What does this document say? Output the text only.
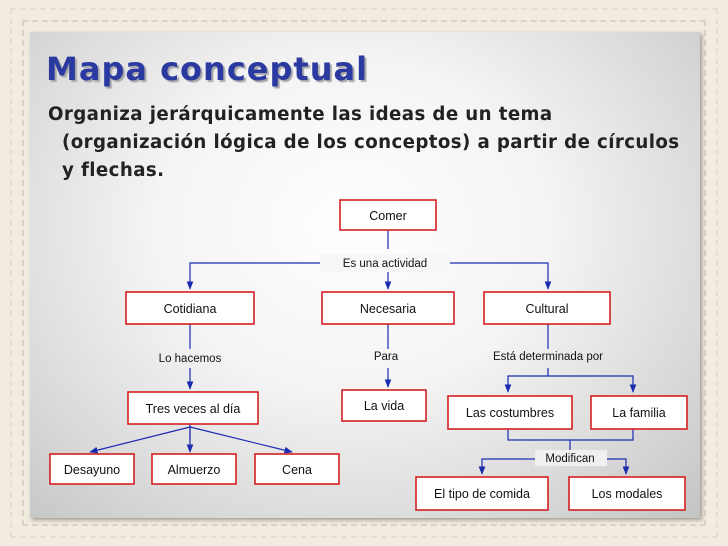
Mapa conceptual
Organiza jerárquicamente las ideas de un tema (organización lógica de los conceptos) a partir de círculos y flechas.
Es una actividad
Lo hacemos	Para	Está determinada por
Modifican
Comer
Cotidiana	Necesaria	Cultural
Tres veces al día	La vida	Las costumbres	La familia
Desayuno	Almuerzo	Cena
El tipo de comida	Los modales
